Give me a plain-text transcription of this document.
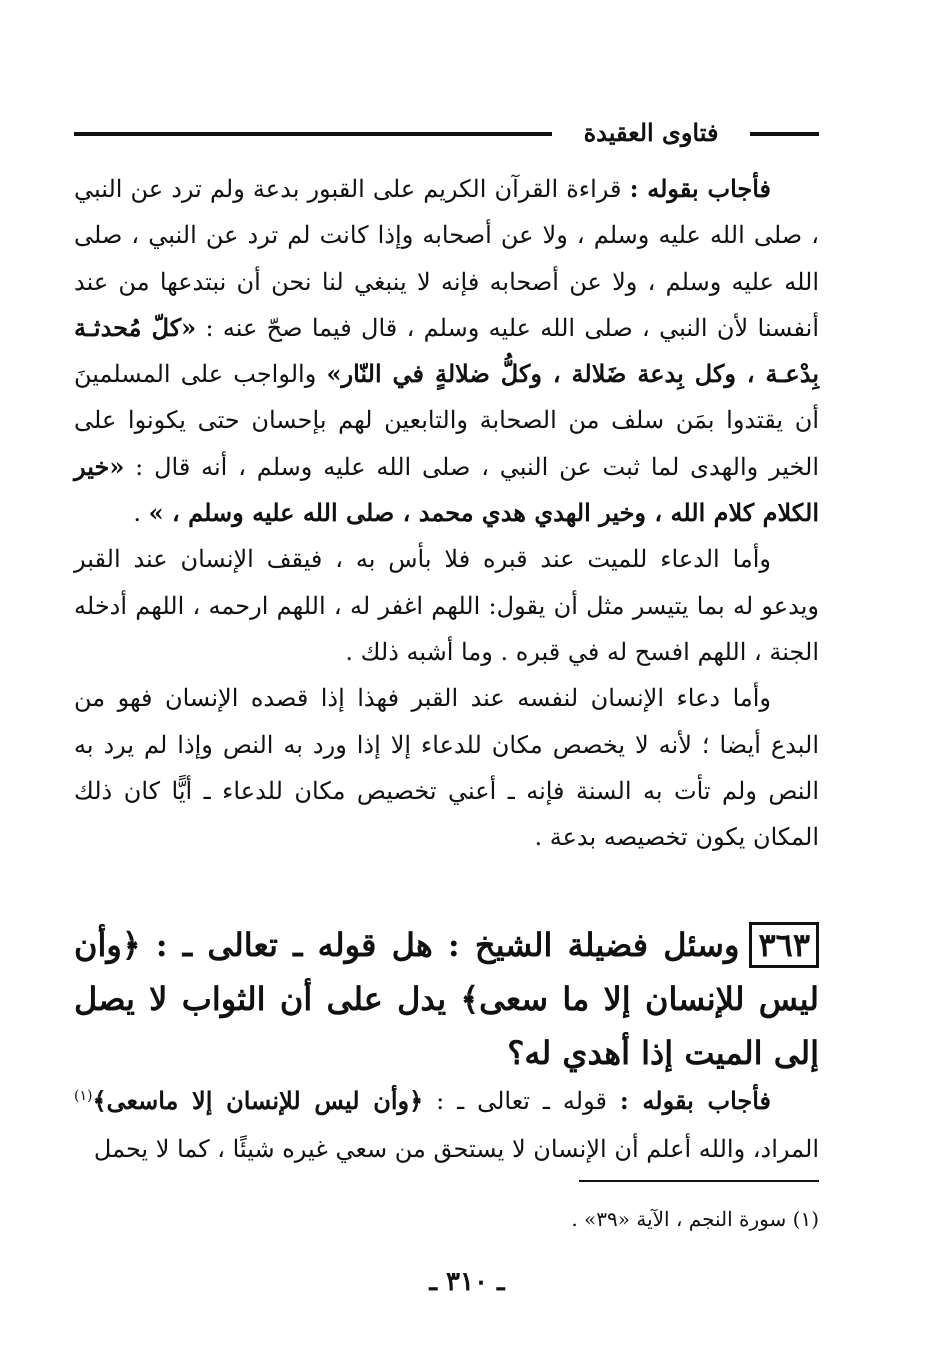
فتاوى العقيدة

فأجاب بقوله : قراءة القرآن الكريم على القبور بدعة ولم ترد عن النبي ، صلى الله عليه وسلم ، ولا عن أصحابه وإذا كانت لم ترد عن النبي ، صلى الله عليه وسلم ، ولا عن أصحابه فإنه لا ينبغي لنا نحن أن نبتدعها من عند أنفسنا لأن النبي ، صلى الله عليه وسلم ، قال فيما صحّ عنه : «كلّ مُحدثـة بِدْعـة ، وكل بِدعة ضَلالة ، وكلُّ ضلالةٍ في النّار» والواجب على المسلمينَ أن يقتدوا بمَن سلف من الصحابة والتابعين لهم بإحسان حتى يكونوا على الخير والهدى لما ثبت عن النبي ، صلى الله عليه وسلم ، أنه قال : «خير الكلام كلام الله ، وخير الهدي هدي محمد ، صلى الله عليه وسلم ، » .

وأما الدعاء للميت عند قبره فلا بأس به ، فيقف الإنسان عند القبر ويدعو له بما يتيسر مثل أن يقول: اللهم اغفر له ، اللهم ارحمه ، اللهم أدخله الجنة ، اللهم افسح له في قبره . وما أشبه ذلك .

وأما دعاء الإنسان لنفسه عند القبر فهذا إذا قصده الإنسان فهو من البدع أيضا ؛ لأنه لا يخصص مكان للدعاء إلا إذا ورد به النص وإذا لم يرد به النص ولم تأت به السنة فإنه ـ أعني تخصيص مكان للدعاء ـ أيًّا كان ذلك المكان يكون تخصيصه بدعة .

٣٦٣وسئل فضيلة الشيخ : هل قوله ـ تعالى ـ : ﴿وأن ليس للإنسان إلا ما سعى﴾ يدل على أن الثواب لا يصل إلى الميت إذا أهدي له؟

فأجاب بقوله : قوله ـ تعالى ـ : ﴿وأن ليس للإنسان إلا ماسعى﴾$^{(١)}$ المراد، والله أعلم أن الإنسان لا يستحق من سعي غيره شيئًا ، كما لا يحمل

(١) سورة النجم ، الآية «٣٩» .
ـ ٣١٠ ـ
